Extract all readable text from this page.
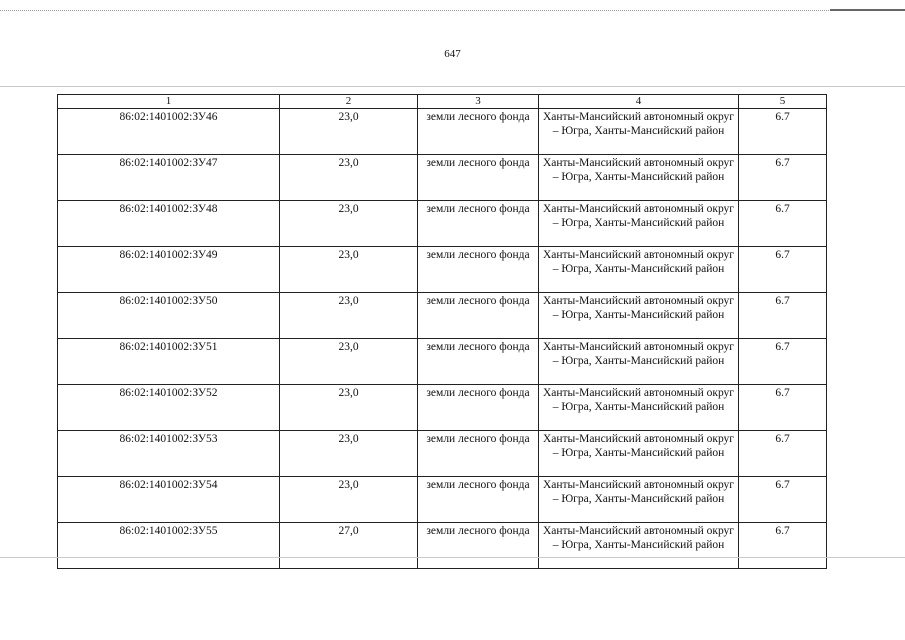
647
1	2	3	4	5
86:02:1401002:ЗУ46	23,0	земли лесного фонда	Ханты-Мансийский автономный округ – Югра, Ханты-Мансийский район	6.7
86:02:1401002:ЗУ47	23,0	земли лесного фонда	Ханты-Мансийский автономный округ – Югра, Ханты-Мансийский район	6.7
86:02:1401002:ЗУ48	23,0	земли лесного фонда	Ханты-Мансийский автономный округ – Югра, Ханты-Мансийский район	6.7
86:02:1401002:ЗУ49	23,0	земли лесного фонда	Ханты-Мансийский автономный округ – Югра, Ханты-Мансийский район	6.7
86:02:1401002:ЗУ50	23,0	земли лесного фонда	Ханты-Мансийский автономный округ – Югра, Ханты-Мансийский район	6.7
86:02:1401002:ЗУ51	23,0	земли лесного фонда	Ханты-Мансийский автономный округ – Югра, Ханты-Мансийский район	6.7
86:02:1401002:ЗУ52	23,0	земли лесного фонда	Ханты-Мансийский автономный округ – Югра, Ханты-Мансийский район	6.7
86:02:1401002:ЗУ53	23,0	земли лесного фонда	Ханты-Мансийский автономный округ – Югра, Ханты-Мансийский район	6.7
86:02:1401002:ЗУ54	23,0	земли лесного фонда	Ханты-Мансийский автономный округ – Югра, Ханты-Мансийский район	6.7
86:02:1401002:ЗУ55	27,0	земли лесного фонда	Ханты-Мансийский автономный округ – Югра, Ханты-Мансийский район	6.7
